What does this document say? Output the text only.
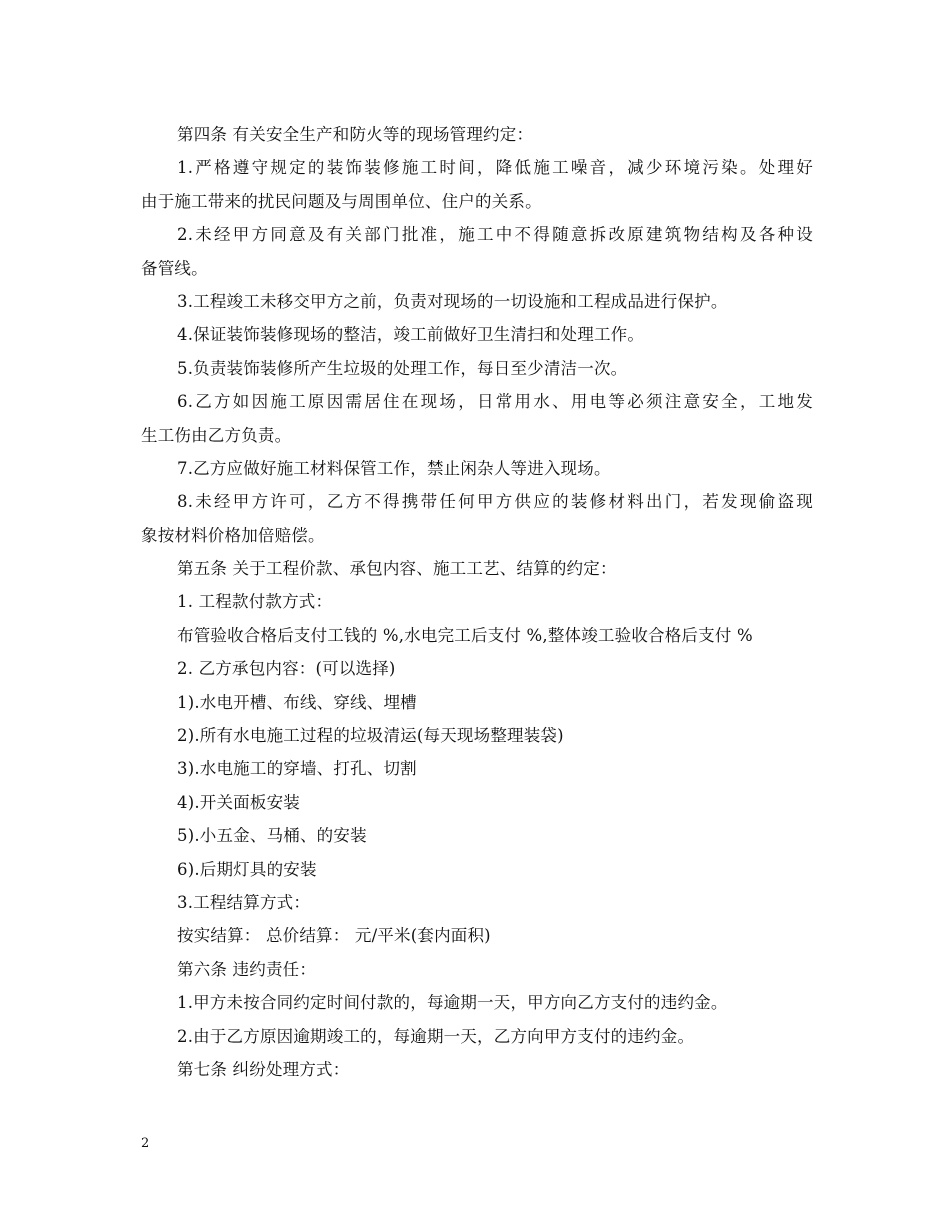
第四条 有关安全生产和防火等的现场管理约定：
1.严格遵守规定的装饰装修施工时间，降低施工噪音，减少环境污染。处理好
由于施工带来的扰民问题及与周围单位、住户的关系。
2.未经甲方同意及有关部门批准，施工中不得随意拆改原建筑物结构及各种设
备管线。
3.工程竣工未移交甲方之前，负责对现场的一切设施和工程成品进行保护。
4.保证装饰装修现场的整洁，竣工前做好卫生清扫和处理工作。
5.负责装饰装修所产生垃圾的处理工作，每日至少清洁一次。
6.乙方如因施工原因需居住在现场，日常用水、用电等必须注意安全，工地发
生工伤由乙方负责。
7.乙方应做好施工材料保管工作，禁止闲杂人等进入现场。
8.未经甲方许可，乙方不得携带任何甲方供应的装修材料出门，若发现偷盗现
象按材料价格加倍赔偿。
第五条 关于工程价款、承包内容、施工工艺、结算的约定：
1. 工程款付款方式：
布管验收合格后支付工钱的 %,水电完工后支付 %,整体竣工验收合格后支付 %
2. 乙方承包内容：(可以选择)
1).水电开槽、布线、穿线、埋槽
2).所有水电施工过程的垃圾清运(每天现场整理装袋)
3).水电施工的穿墙、打孔、切割
4).开关面板安装
5).小五金、马桶、的安装
6).后期灯具的安装
3.工程结算方式：
按实结算： 总价结算： 元/平米(套内面积)
第六条 违约责任：
1.甲方未按合同约定时间付款的，每逾期一天，甲方向乙方支付的违约金。
2.由于乙方原因逾期竣工的，每逾期一天，乙方向甲方支付的违约金。
第七条 纠纷处理方式：
2
